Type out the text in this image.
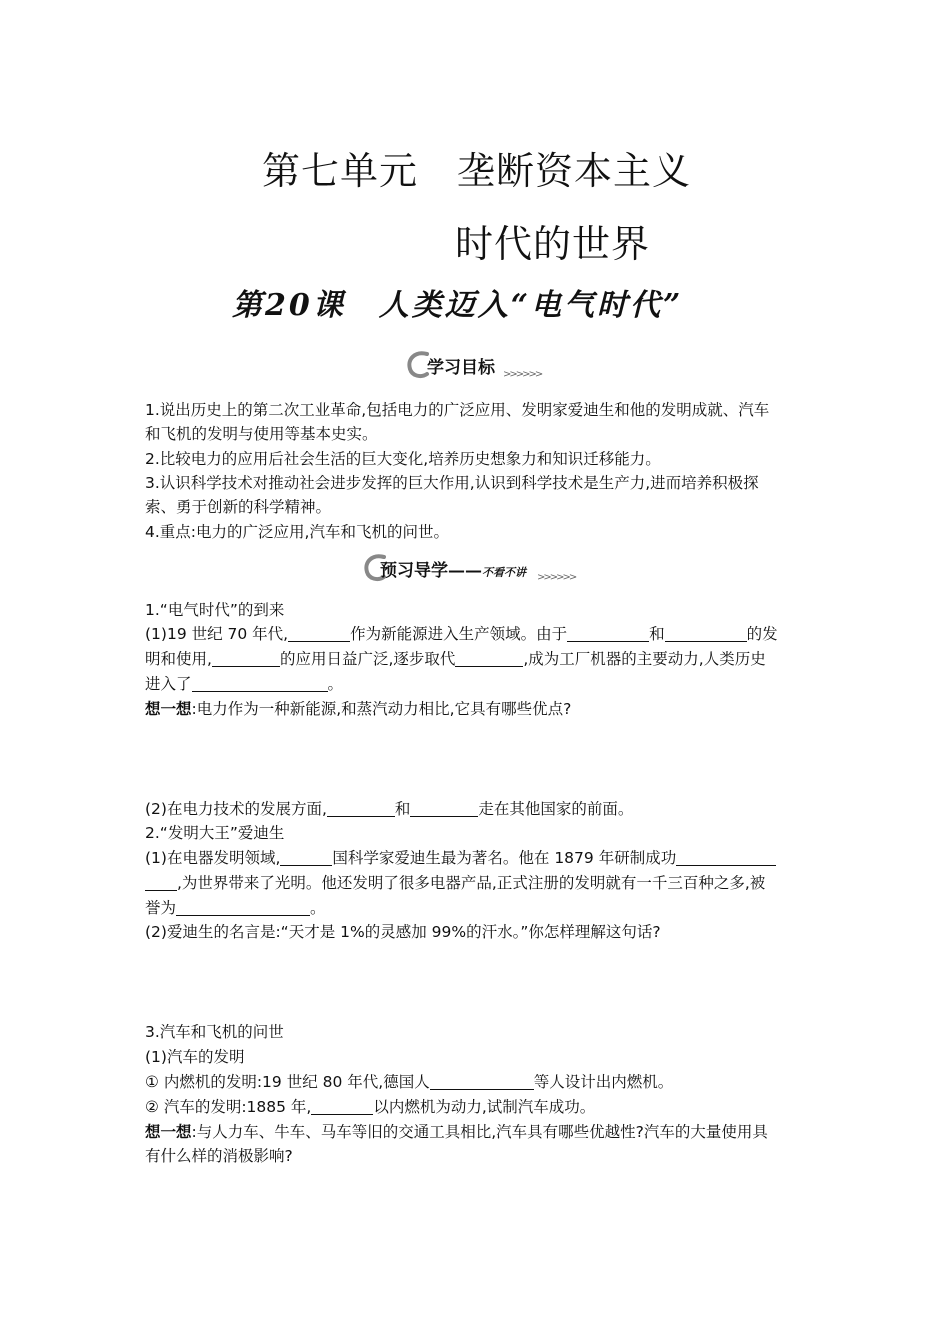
第七单元　垄断资本主义
时代的世界
第20课　人类迈入“电气时代”
学习目标 >>>>>>
1.说出历史上的第二次工业革命,包括电力的广泛应用、发明家爱迪生和他的发明成就、汽车
和飞机的发明与使用等基本史实。
2.比较电力的应用后社会生活的巨大变化,培养历史想象力和知识迁移能力。
3.认识科学技术对推动社会进步发挥的巨大作用,认识到科学技术是生产力,进而培养积极探
索、勇于创新的科学精神。
4.重点:电力的广泛应用,汽车和飞机的问世。
预习导学——不看不讲 >>>>>>
1.“电气时代”的到来
(1)19 世纪 70 年代,	作为新能源进入生产领域。由于	和	的发
明和使用,	的应用日益广泛,逐步取代	,成为工厂机器的主要动力,人类历史
进入了	。
想一想:电力作为一种新能源,和蒸汽动力相比,它具有哪些优点?
(2)在电力技术的发展方面,	和	走在其他国家的前面。
2.“发明大王”爱迪生
(1)在电器发明领域,	国科学家爱迪生最为著名。他在 1879 年研制成功
,为世界带来了光明。他还发明了很多电器产品,正式注册的发明就有一千三百种之多,被
誉为	。
(2)爱迪生的名言是:“天才是 1%的灵感加 99%的汗水。”你怎样理解这句话?
3.汽车和飞机的问世
(1)汽车的发明
① 内燃机的发明:19 世纪 80 年代,德国人	等人设计出内燃机。
② 汽车的发明:1885 年,	以内燃机为动力,试制汽车成功。
想一想:与人力车、牛车、马车等旧的交通工具相比,汽车具有哪些优越性?汽车的大量使用具
有什么样的消极影响?
